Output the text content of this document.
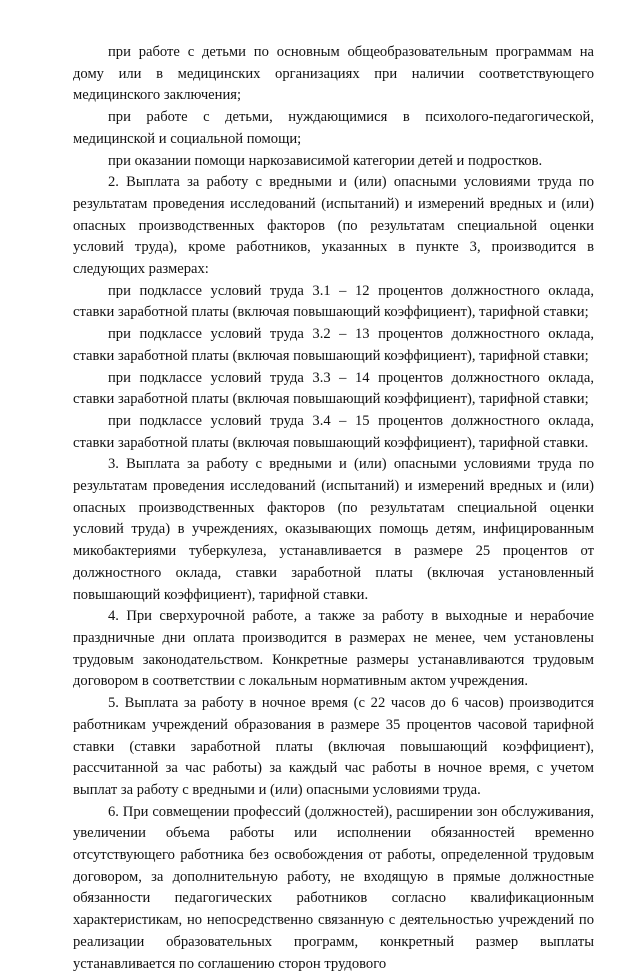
при работе с детьми по основным общеобразовательным программам на дому или в медицинских организациях при наличии соответствующего медицинского заключения;

при работе с детьми, нуждающимися в психолого-педагогической, медицинской и социальной помощи;

при оказании помощи наркозависимой категории детей и подростков.

2. Выплата за работу с вредными и (или) опасными условиями труда по результатам проведения исследований (испытаний) и измерений вредных и (или) опасных производственных факторов (по результатам специальной оценки условий труда), кроме работников, указанных в пункте 3, производится в следующих размерах:

при подклассе условий труда 3.1 – 12 процентов должностного оклада, ставки заработной платы (включая повышающий коэффициент), тарифной ставки;

при подклассе условий труда 3.2 – 13 процентов должностного оклада, ставки заработной платы (включая повышающий коэффициент), тарифной ставки;

при подклассе условий труда 3.3 – 14 процентов должностного оклада, ставки заработной платы (включая повышающий коэффициент), тарифной ставки;

при подклассе условий труда 3.4 – 15 процентов должностного оклада, ставки заработной платы (включая повышающий коэффициент), тарифной ставки.

3. Выплата за работу с вредными и (или) опасными условиями труда по результатам проведения исследований (испытаний) и измерений вредных и (или) опасных производственных факторов (по результатам специальной оценки условий труда) в учреждениях, оказывающих помощь детям, инфицированным микобактериями туберкулеза, устанавливается в размере 25 процентов от должностного оклада, ставки заработной платы (включая установленный повышающий коэффициент), тарифной ставки.

4. При сверхурочной работе, а также за работу в выходные и нерабочие праздничные дни оплата производится в размерах не менее, чем установлены трудовым законодательством. Конкретные размеры устанавливаются трудовым договором в соответствии с локальным нормативным актом учреждения.

5. Выплата за работу в ночное время (с 22 часов до 6 часов) производится работникам учреждений образования в размере 35 процентов часовой тарифной ставки (ставки заработной платы (включая повышающий коэффициент), рассчитанной за час работы) за каждый час работы в ночное время, с учетом выплат за работу с вредными и (или) опасными условиями труда.

6. При совмещении профессий (должностей), расширении зон обслуживания, увеличении объема работы или исполнении обязанностей временно отсутствующего работника без освобождения от работы, определенной трудовым договором, за дополнительную работу, не входящую в прямые должностные обязанности педагогических работников согласно квалификационным характеристикам, но непосредственно связанную с деятельностью учреждений по реализации образовательных программ, конкретный размер выплаты устанавливается по соглашению сторон трудового
